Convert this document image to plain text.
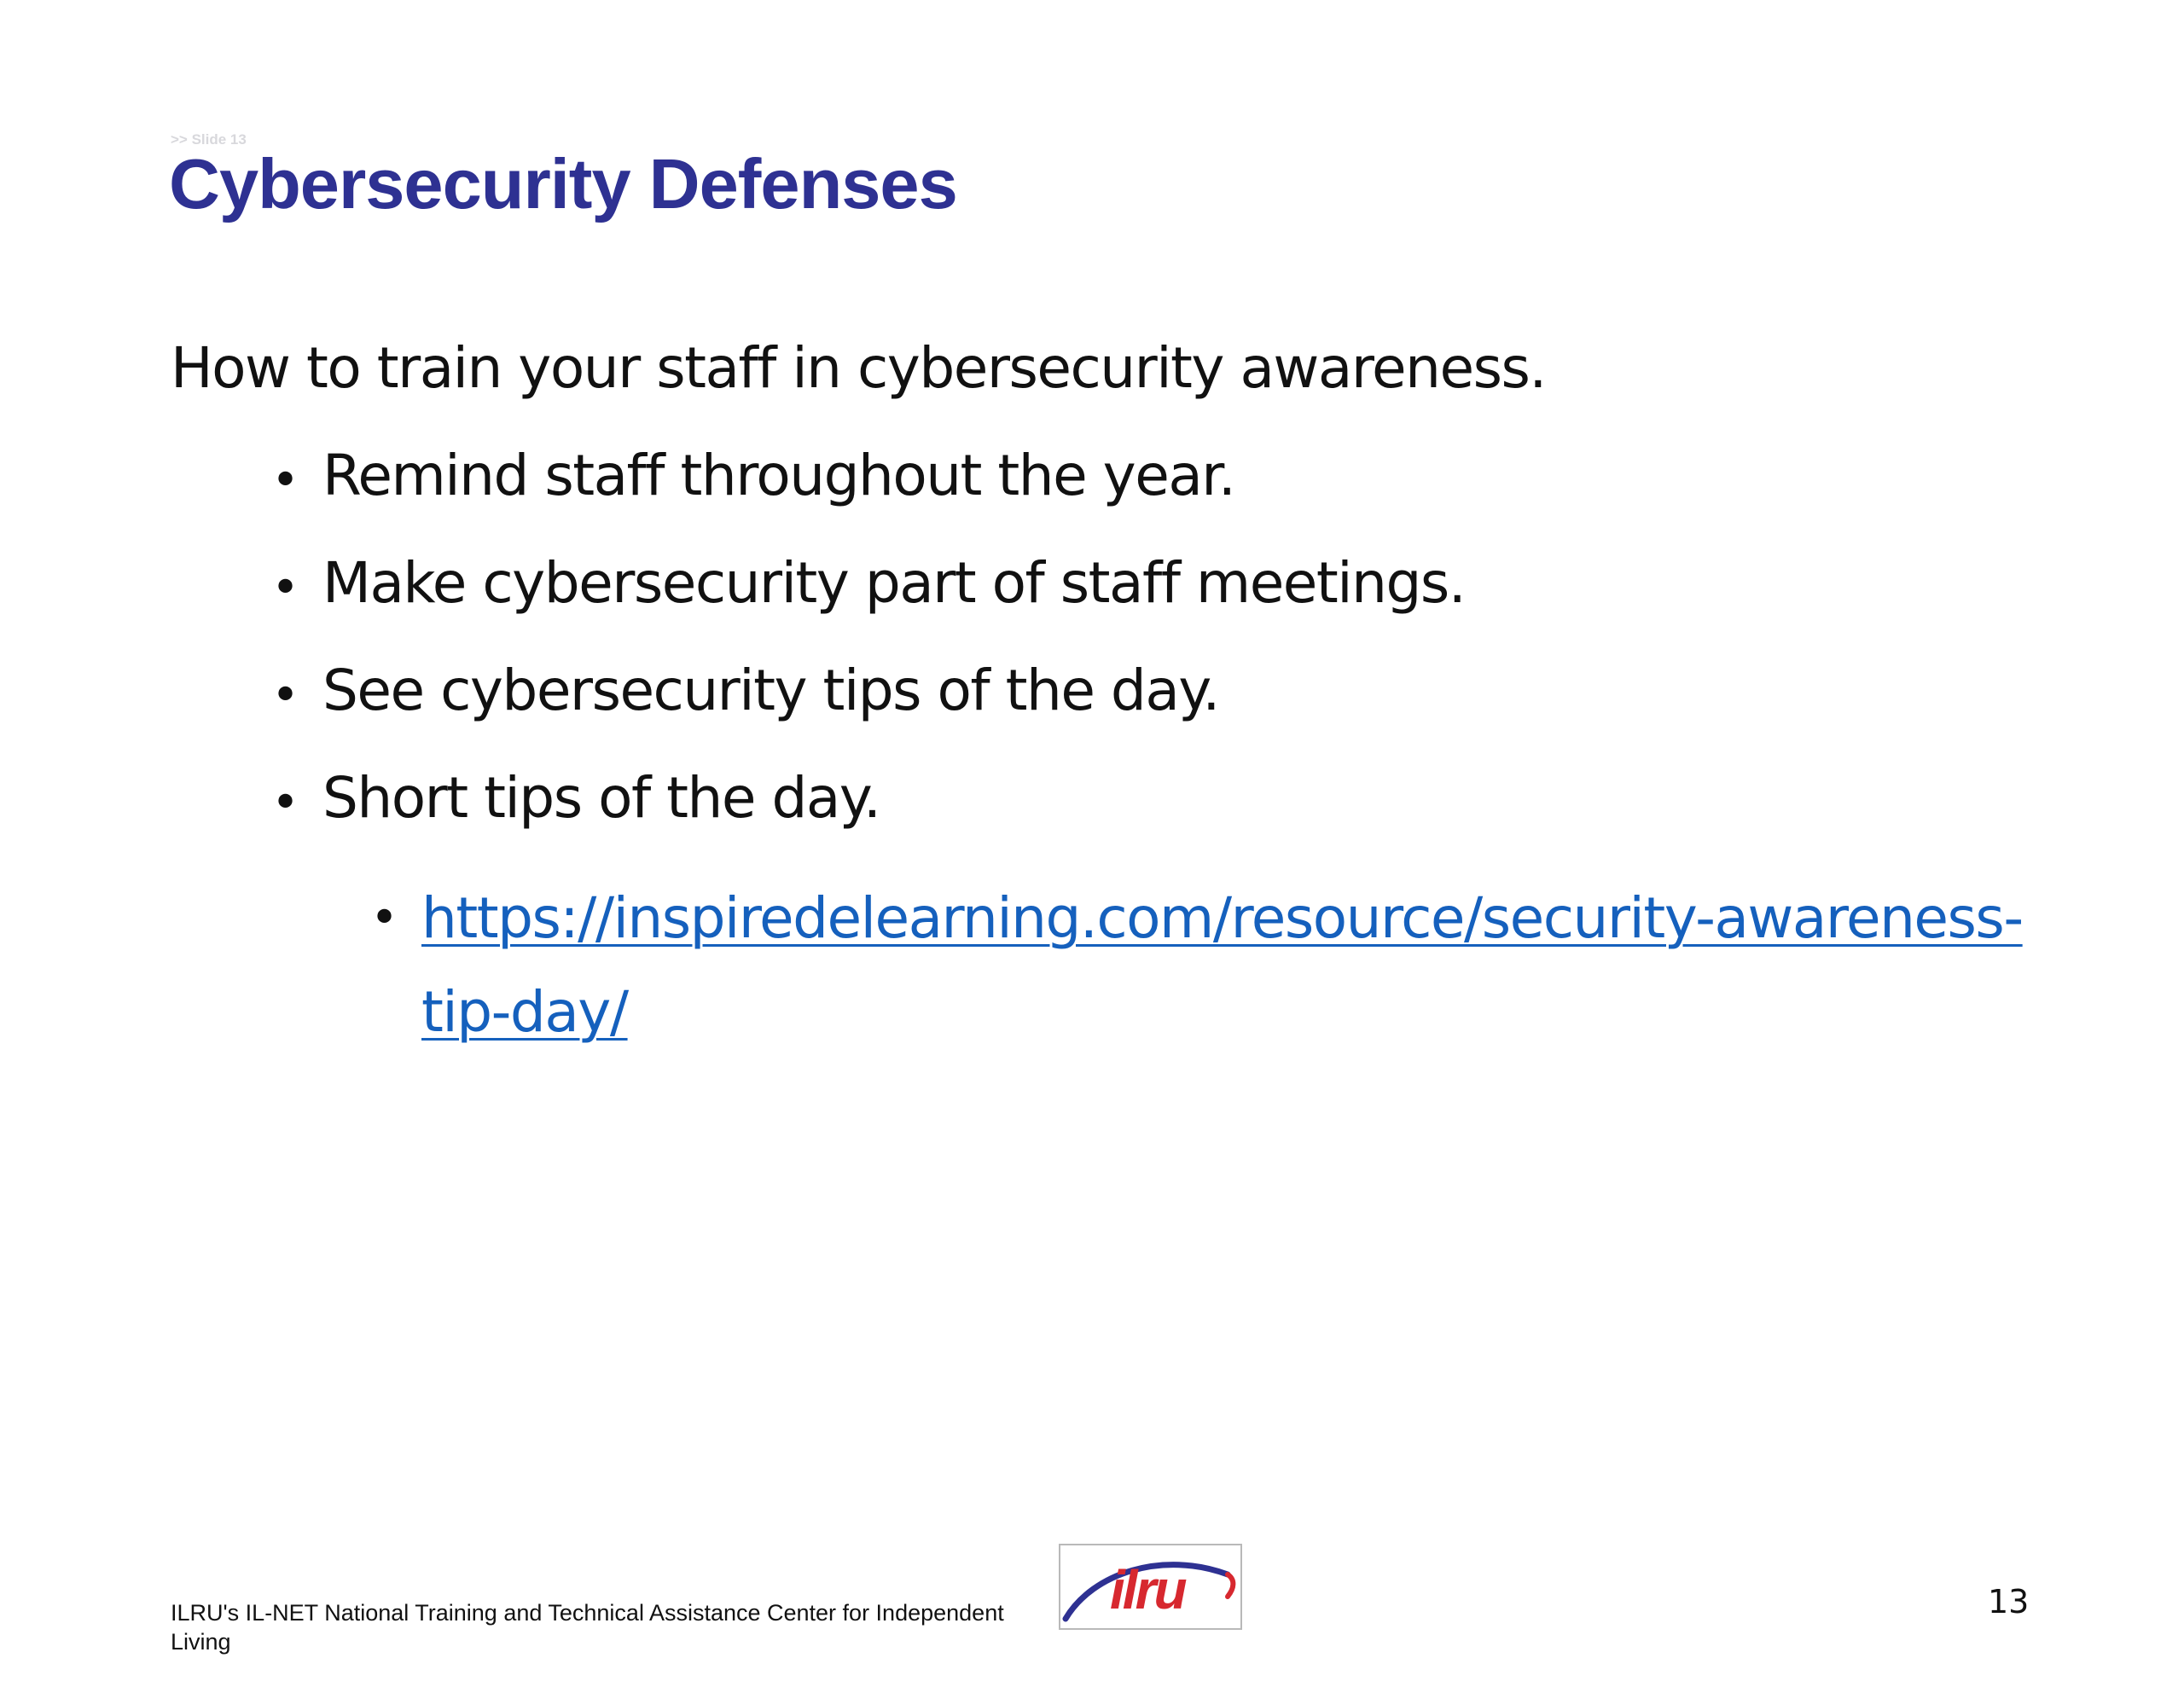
>> Slide 13
Cybersecurity Defenses
How to train your staff in cybersecurity awareness.
• Remind staff throughout the year.
• Make cybersecurity part of staff meetings.
• See cybersecurity tips of the day.
• Short tips of the day.
• https://inspiredelearning.com/resource/security-awareness-tip-day/
ILRU's IL-NET National Training and Technical Assistance Center for Independent Living
ilru	13
